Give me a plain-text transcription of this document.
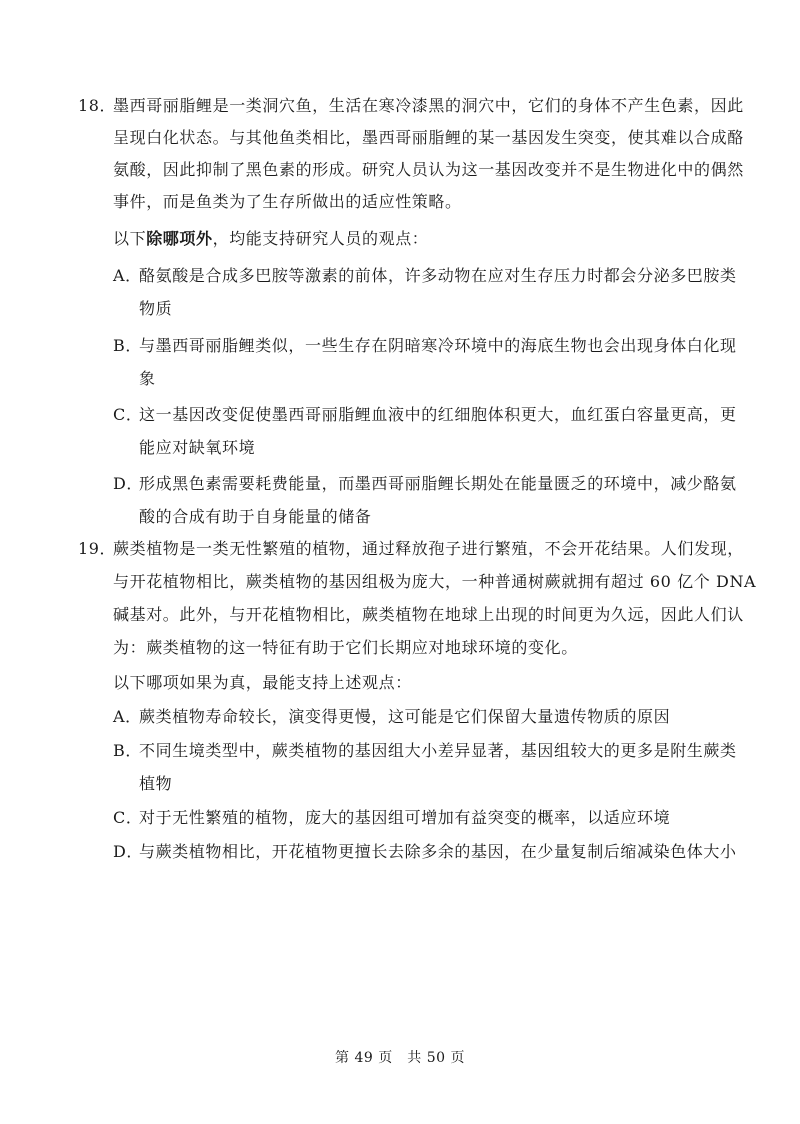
18．
墨西哥丽脂鲤是一类洞穴鱼，生活在寒冷漆黑的洞穴中，它们的身体不产生色素，因此
呈现白化状态。与其他鱼类相比，墨西哥丽脂鲤的某一基因发生突变，使其难以合成酪
氨酸，因此抑制了黑色素的形成。研究人员认为这一基因改变并不是生物进化中的偶然
事件，而是鱼类为了生存所做出的适应性策略。
以下除哪项外，均能支持研究人员的观点：
A．
酪氨酸是合成多巴胺等激素的前体，许多动物在应对生存压力时都会分泌多巴胺类
物质
B．
与墨西哥丽脂鲤类似，一些生存在阴暗寒冷环境中的海底生物也会出现身体白化现
象
C．
这一基因改变促使墨西哥丽脂鲤血液中的红细胞体积更大，血红蛋白容量更高，更
能应对缺氧环境
D．
形成黑色素需要耗费能量，而墨西哥丽脂鲤长期处在能量匮乏的环境中，减少酪氨
酸的合成有助于自身能量的储备
19．
蕨类植物是一类无性繁殖的植物，通过释放孢子进行繁殖，不会开花结果。人们发现，
与开花植物相比，蕨类植物的基因组极为庞大，一种普通树蕨就拥有超过 60 亿个 DNA
碱基对。此外，与开花植物相比，蕨类植物在地球上出现的时间更为久远，因此人们认
为：蕨类植物的这一特征有助于它们长期应对地球环境的变化。
以下哪项如果为真，最能支持上述观点：
A．
蕨类植物寿命较长，演变得更慢，这可能是它们保留大量遗传物质的原因
B．
不同生境类型中，蕨类植物的基因组大小差异显著，基因组较大的更多是附生蕨类
植物
C．
对于无性繁殖的植物，庞大的基因组可增加有益突变的概率，以适应环境
D．
与蕨类植物相比，开花植物更擅长去除多余的基因，在少量复制后缩减染色体大小
第 49 页　共 50 页
